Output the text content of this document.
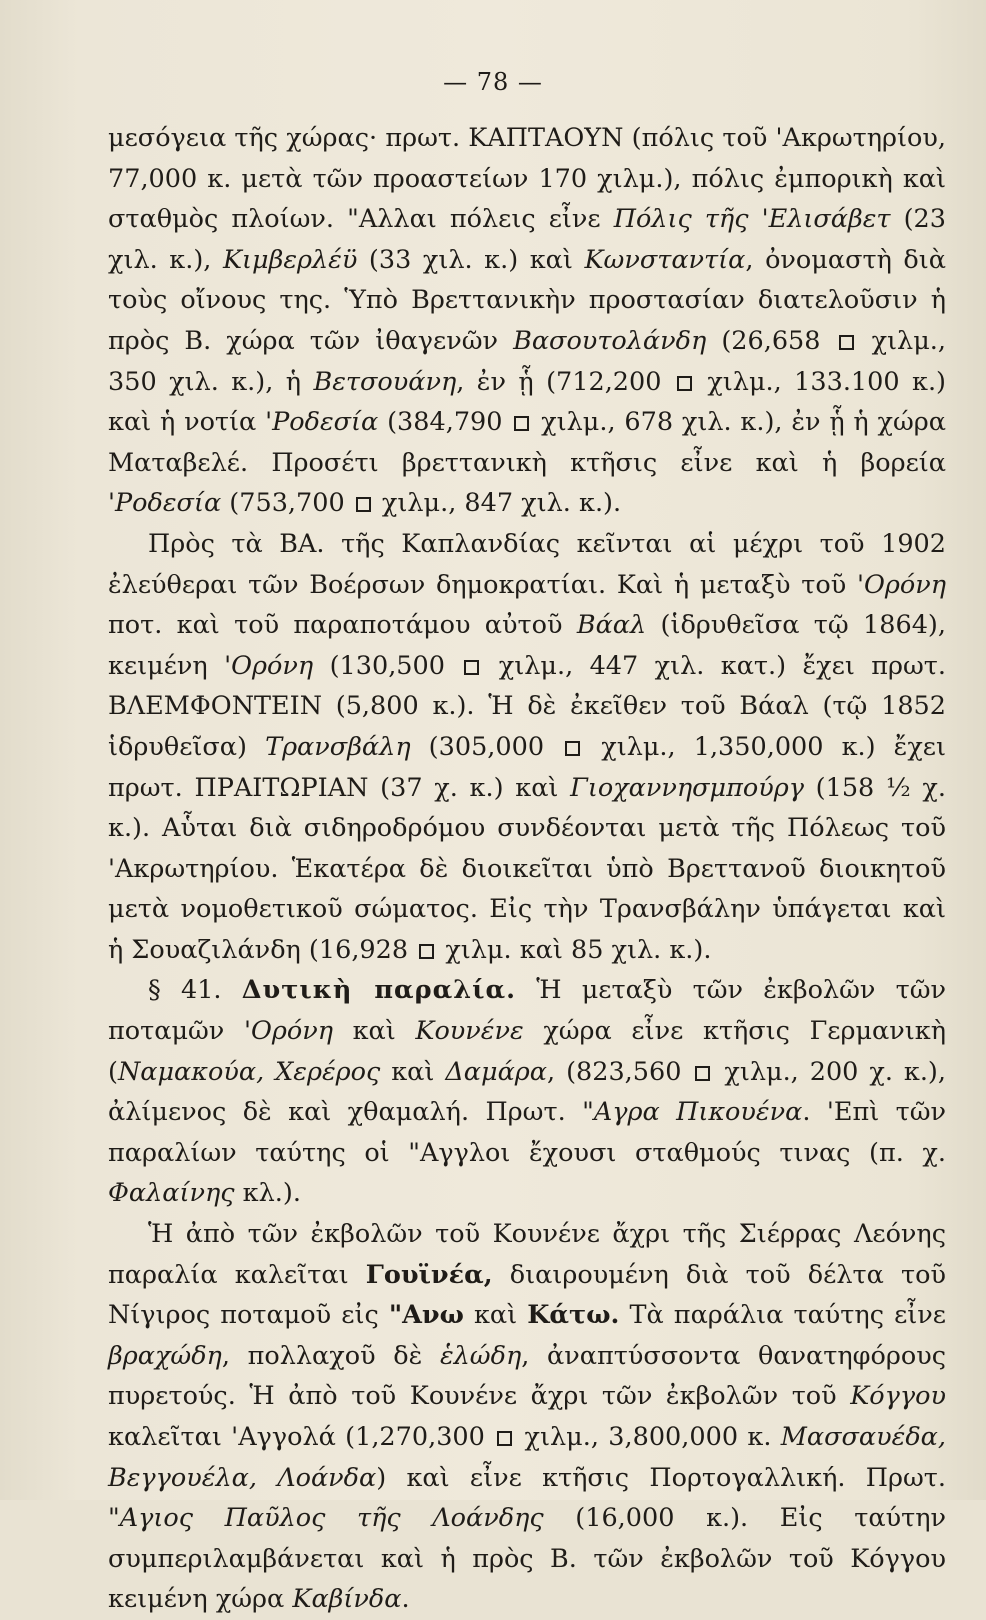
— 78 —

μεσόγεια τῆς χώρας· πρωτ. ΚΑΠΤΑΟΥΝ (πόλις τοῦ 'Ακρωτηρίου, 77,000 κ. μετὰ τῶν προαστείων 170 χιλμ.), πόλις ἐμπορικὴ καὶ σταθμὸς πλοίων. "Αλλαι πόλεις εἶνε Πόλις τῆς 'Ελισάβετ (23 χιλ. κ.), Κιμβερλέϋ (33 χιλ. κ.) καὶ Κωνσταντία, ὀνομαστὴ διὰ τοὺς οἴνους της. Ὑπὸ Βρεττανικὴν προστασίαν διατελοῦσιν ἡ πρὸς Β. χώρα τῶν ἰθαγενῶν Βασουτολάνδη (26,658  χιλμ., 350 χιλ. κ.), ἡ Βετσουάνη, ἐν ᾗ (712,200  χιλμ., 133.100 κ.) καὶ ἡ νοτία 'Ροδεσία (384,790  χιλμ., 678 χιλ. κ.), ἐν ᾗ ἡ χώρα Ματαβελέ. Προσέτι βρεττανικὴ κτῆσις εἶνε καὶ ἡ βορεία 'Ροδεσία (753,700  χιλμ., 847 χιλ. κ.).

Πρὸς τὰ ΒΑ. τῆς Καπλανδίας κεῖνται αἱ μέχρι τοῦ 1902 ἐλεύθεραι τῶν Βοέρσων δημοκρατίαι. Καὶ ἡ μεταξὺ τοῦ 'Ορόνη ποτ. καὶ τοῦ παραποτάμου αὐτοῦ Βάαλ (ἱδρυθεῖσα τῷ 1864), κειμένη 'Ορόνη (130,500  χιλμ., 447 χιλ. κατ.) ἔχει πρωτ. ΒΛΕΜΦΟΝΤΕΙΝ (5,800 κ.). Ἡ δὲ ἐκεῖθεν τοῦ Βάαλ (τῷ 1852 ἱδρυθεῖσα) Τρανσβάλη (305,000  χιλμ., 1,350,000 κ.) ἔχει πρωτ. ΠΡΑΙΤΩΡΙΑΝ (37 χ. κ.) καὶ Γιοχαννησμπούργ (158 ½ χ. κ.). Αὗται διὰ σιδηροδρόμου συνδέονται μετὰ τῆς Πόλεως τοῦ 'Ακρωτηρίου. Ἑκατέρα δὲ διοικεῖται ὑπὸ Βρεττανοῦ διοικητοῦ μετὰ νομοθετικοῦ σώματος. Εἰς τὴν Τρανσβάλην ὑπάγεται καὶ ἡ Σουαζιλάνδη (16,928  χιλμ. καὶ 85 χιλ. κ.).

§ 41. Δυτικὴ παραλία. Ἡ μεταξὺ τῶν ἐκβολῶν τῶν ποταμῶν 'Ορόνη καὶ Κουνένε χώρα εἶνε κτῆσις Γερμανικὴ (Ναμακούα, Χερέρος καὶ Δαμάρα, (823,560  χιλμ., 200 χ. κ.), ἀλίμενος δὲ καὶ χθαμαλή. Πρωτ. "Αγρα Πικουένα. 'Επὶ τῶν παραλίων ταύτης οἱ "Αγγλοι ἔχουσι σταθμούς τινας (π. χ. Φαλαίνης κλ.).

Ἡ ἀπὸ τῶν ἐκβολῶν τοῦ Κουνένε ἄχρι τῆς Σιέρρας Λεόνης παραλία καλεῖται Γουϊνέα, διαιρουμένη διὰ τοῦ δέλτα τοῦ Νίγιρος ποταμοῦ εἰς "Ανω καὶ Κάτω. Τὰ παράλια ταύτης εἶνε βραχώδη, πολλαχοῦ δὲ ἑλώδη, ἀναπτύσσοντα θανατηφόρους πυρετούς. Ἡ ἀπὸ τοῦ Κουνένε ἄχρι τῶν ἐκβολῶν τοῦ Κόγγου καλεῖται 'Αγγολά (1,270,300  χιλμ., 3,800,000 κ. Μασσαυέδα, Βεγγουέλα, Λοάνδα) καὶ εἶνε κτῆσις Πορτογαλλική. Πρωτ. "Αγιος Παῦλος τῆς Λοάνδης (16,000 κ.). Εἰς ταύτην συμπεριλαμβάνεται καὶ ἡ πρὸς Β. τῶν ἐκβολῶν τοῦ Κόγγου κειμένη χώρα Καβίνδα.
